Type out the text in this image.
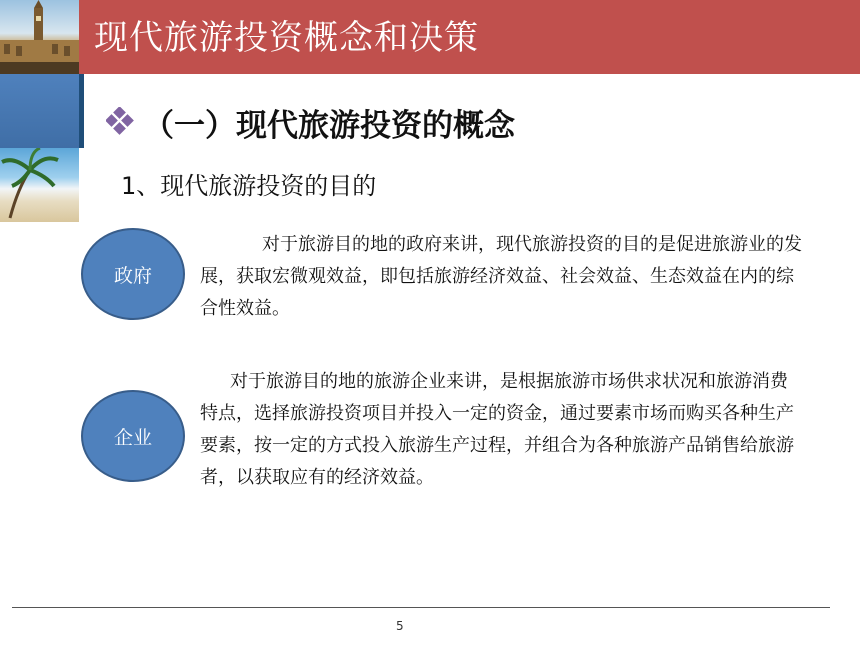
现代旅游投资概念和决策
（一）现代旅游投资的概念
1、现代旅游投资的目的
政府
对于旅游目的地的政府来讲，现代旅游投资的目的是促进旅游业的发展，获取宏微观效益，即包括旅游经济效益、社会效益、生态效益在内的综合性效益。
企业
对于旅游目的地的旅游企业来讲，是根据旅游市场供求状况和旅游消费特点，选择旅游投资项目并投入一定的资金，通过要素市场而购买各种生产要素，按一定的方式投入旅游生产过程，并组合为各种旅游产品销售给旅游者，以获取应有的经济效益。
5
